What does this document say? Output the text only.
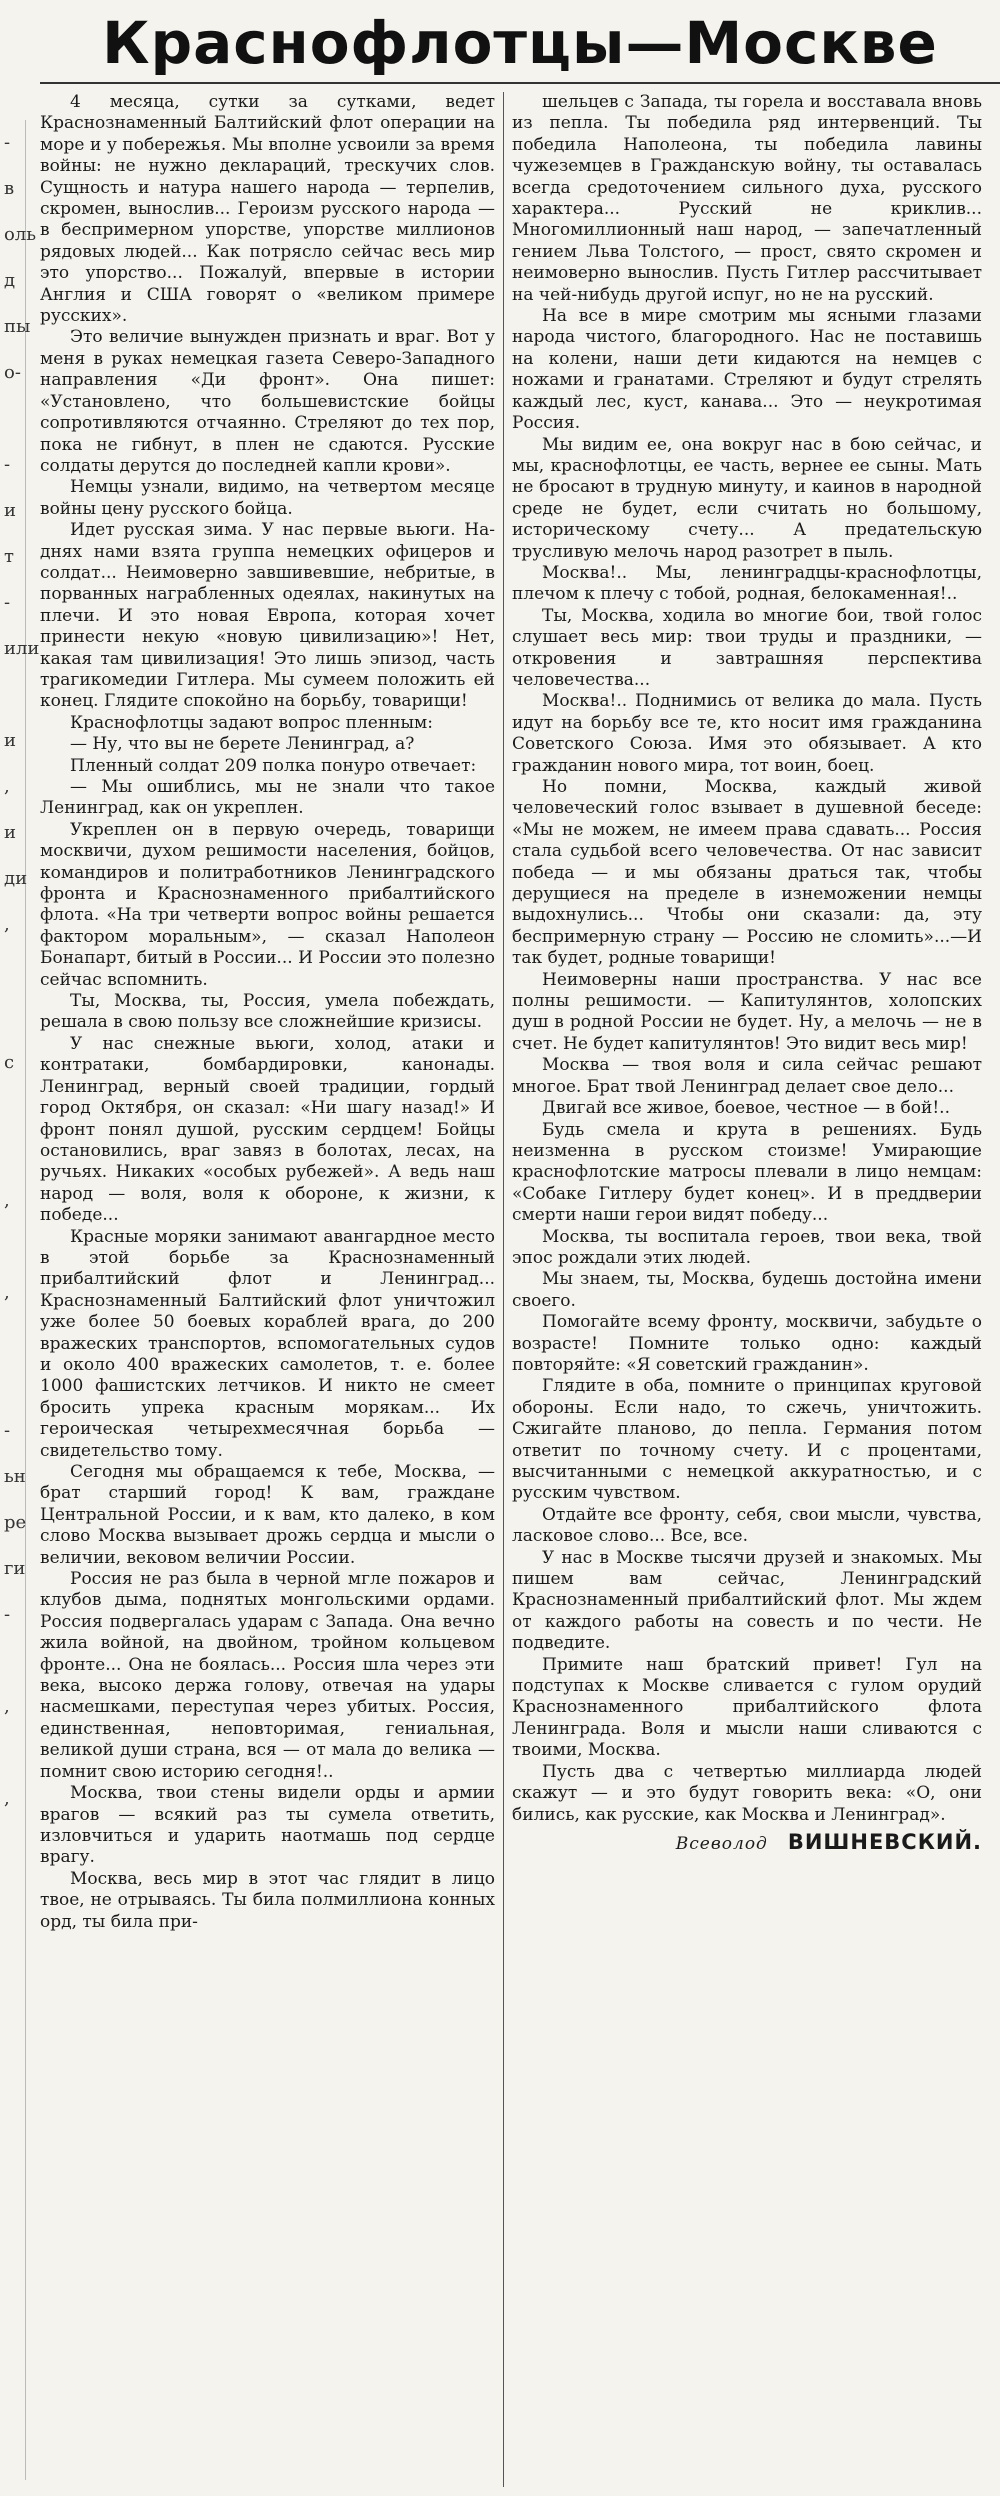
-
в
оль
д
пы
о-

-
и
т
-
или

и
,
и
ди
,

с

,

,

-
ьн
ре
ги
-

,

,

Краснофлотцы—Москве

4 месяца, сутки за сутками, ведет Краснознаменный Балтийский флот операции на море и у побережья. Мы вполне усвоили за время войны: не нужно деклараций, трескучих слов. Сущность и натура нашего народа — терпелив, скромен, вынослив... Героизм русского народа — в беспримерном упорстве, упорстве миллионов рядовых людей... Как потрясло сейчас весь мир это упорство... Пожалуй, впервые в истории Англия и США говорят о «великом примере русских».

Это величие вынужден признать и враг. Вот у меня в руках немецкая газета Северо-Западного направления «Ди фронт». Она пишет: «Установлено, что большевистские бойцы сопротивляются отчаянно. Стреляют до тех пор, пока не гибнут, в плен не сдаются. Русские солдаты дерутся до последней капли крови».

Немцы узнали, видимо, на четвертом месяце войны цену русского бойца.

Идет русская зима. У нас первые вьюги. На-днях нами взята группа немецких офицеров и солдат... Неимоверно завшивевшие, небритые, в порванных награбленных одеялах, накинутых на плечи. И это новая Европа, которая хочет принести некую «новую цивилизацию»! Нет, какая там цивилизация! Это лишь эпизод, часть трагикомедии Гитлера. Мы сумеем положить ей конец. Глядите спокойно на борьбу, товарищи!

Краснофлотцы задают вопрос пленным:

— Ну, что вы не берете Ленинград, а?

Пленный солдат 209 полка понуро отвечает:

— Мы ошиблись, мы не знали что такое Ленинград, как он укреплен.

Укреплен он в первую очередь, товарищи москвичи, духом решимости населения, бойцов, командиров и политработников Ленинградского фронта и Краснознаменного прибалтийского флота. «На три четверти вопрос войны решается фактором моральным», — сказал Наполеон Бонапарт, битый в России... И России это полезно сейчас вспомнить.

Ты, Москва, ты, Россия, умела побеждать, решала в свою пользу все сложнейшие кризисы.

У нас снежные вьюги, холод, атаки и контратаки, бомбардировки, канонады. Ленинград, верный своей традиции, гордый город Октября, он сказал: «Ни шагу назад!» И фронт понял душой, русским сердцем! Бойцы остановились, враг завяз в болотах, лесах, на ручьях. Никаких «особых рубежей». А ведь наш народ — воля, воля к обороне, к жизни, к победе...

Красные моряки занимают авангардное место в этой борьбе за Краснознаменный прибалтийский флот и Ленинград... Краснознаменный Балтийский флот уничтожил уже более 50 боевых кораблей врага, до 200 вражеских транспортов, вспомогательных судов и около 400 вражеских самолетов, т. е. более 1000 фашистских летчиков. И никто не смеет бросить упрека красным морякам... Их героическая четырехмесячная борьба — свидетельство тому.

Сегодня мы обращаемся к тебе, Москва, — брат старший город! К вам, граждане Центральной России, и к вам, кто далеко, в ком слово Москва вызывает дрожь сердца и мысли о величии, вековом величии России.

Россия не раз была в черной мгле пожаров и клубов дыма, поднятых монгольскими ордами. Россия подвергалась ударам с Запада. Она вечно жила войной, на двойном, тройном кольцевом фронте... Она не боялась... Россия шла через эти века, высоко держа голову, отвечая на удары насмешками, переступая через убитых. Россия, единственная, неповторимая, гениальная, великой души страна, вся — от мала до велика — помнит свою историю сегодня!..

Москва, твои стены видели орды и армии врагов — всякий раз ты сумела ответить, изловчиться и ударить наотмашь под сердце врагу.

Москва, весь мир в этот час глядит в лицо твое, не отрываясь. Ты била полмиллиона конных орд, ты била при-

шельцев с Запада, ты горела и восставала вновь из пепла. Ты победила ряд интервенций. Ты победила Наполеона, ты победила лавины чужеземцев в Гражданскую войну, ты оставалась всегда средоточением сильного духа, русского характера... Русский не криклив... Многомиллионный наш народ, — запечатленный гением Льва Толстого, — прост, свято скромен и неимоверно вынослив. Пусть Гитлер рассчитывает на чей-нибудь другой испуг, но не на русский.

На все в мире смотрим мы ясными глазами народа чистого, благородного. Нас не поставишь на колени, наши дети кидаются на немцев с ножами и гранатами. Стреляют и будут стрелять каждый лес, куст, канава... Это — неукротимая Россия.

Мы видим ее, она вокруг нас в бою сейчас, и мы, краснофлотцы, ее часть, вернее ее сыны. Мать не бросают в трудную минуту, и каинов в народной среде не будет, если считать но большому, историческому счету... А предательскую трусливую мелочь народ разотрет в пыль.

Москва!.. Мы, ленинградцы-краснофлотцы, плечом к плечу с тобой, родная, белокаменная!..

Ты, Москва, ходила во многие бои, твой голос слушает весь мир: твои труды и праздники, — откровения и завтрашняя перспектива человечества...

Москва!.. Поднимись от велика до мала. Пусть идут на борьбу все те, кто носит имя гражданина Советского Союза. Имя это обязывает. А кто гражданин нового мира, тот воин, боец.

Но помни, Москва, каждый живой человеческий голос взывает в душевной беседе: «Мы не можем, не имеем права сдавать... Россия стала судьбой всего человечества. От нас зависит победа — и мы обязаны драться так, чтобы дерущиеся на пределе в изнеможении немцы выдохнулись... Чтобы они сказали: да, эту беспримерную страну — Россию не сломить»...—И так будет, родные товарищи!

Неимоверны наши пространства. У нас все полны решимости. — Капитулянтов, холопских душ в родной России не будет. Ну, а мелочь — не в счет. Не будет капитулянтов! Это видит весь мир!

Москва — твоя воля и сила сейчас решают многое. Брат твой Ленинград делает свое дело...

Двигай все живое, боевое, честное — в бой!..

Будь смела и крута в решениях. Будь неизменна в русском стоизме! Умирающие краснофлотские матросы плевали в лицо немцам: «Собаке Гитлеру будет конец». И в преддверии смерти наши герои видят победу...

Москва, ты воспитала героев, твои века, твой эпос рождали этих людей.

Мы знаем, ты, Москва, будешь достойна имени своего.

Помогайте всему фронту, москвичи, забудьте о возрасте! Помните только одно: каждый повторяйте: «Я советский гражданин».

Глядите в оба, помните о принципах круговой обороны. Если надо, то сжечь, уничтожить. Сжигайте планово, до пепла. Германия потом ответит по точному счету. И с процентами, высчитанными с немецкой аккуратностью, и с русским чувством.

Отдайте все фронту, себя, свои мысли, чувства, ласковое слово... Все, все.

У нас в Москве тысячи друзей и знакомых. Мы пишем вам сейчас, Ленинградский Краснознаменный прибалтийский флот. Мы ждем от каждого работы на совесть и по чести. Не подведите.

Примите наш братский привет! Гул на подступах к Москве сливается с гулом орудий Краснознаменного прибалтийского флота Ленинграда. Воля и мысли наши сливаются с твоими, Москва.

Пусть два с четвертью миллиарда людей скажут — и это будут говорить века: «О, они бились, как русские, как Москва и Ленинград».

Всеволод ВИШНЕВСКИЙ.
